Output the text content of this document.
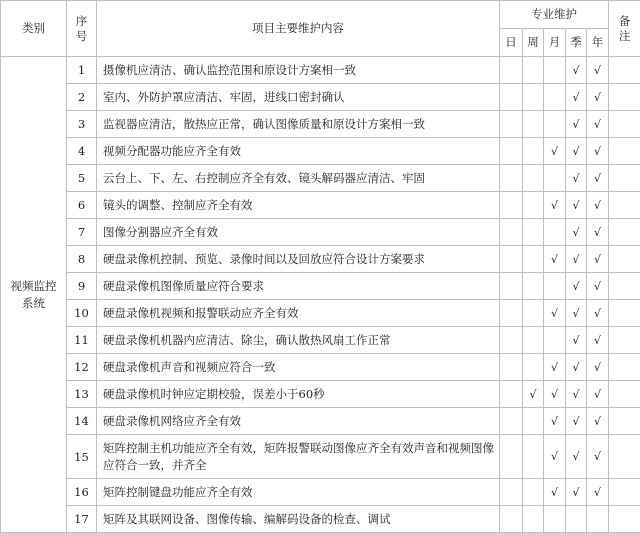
类别	序号	项目主要维护内容	专业维护					备注
			日	周	月	季	年	
视频监控系统	1	摄像机应清洁、确认监控范围和原设计方案相一致				√	√	
	2	室内、外防护罩应清洁、牢固，进线口密封确认				√	√	
	3	监视器应清洁，散热应正常，确认图像质量和原设计方案相一致				√	√	
	4	视频分配器功能应齐全有效			√	√	√	
	5	云台上、下、左、右控制应齐全有效、镜头解码器应清洁、牢固				√	√	
	6	镜头的调整、控制应齐全有效			√	√	√	
	7	图像分割器应齐全有效				√	√	
	8	硬盘录像机控制、预览、录像时间以及回放应符合设计方案要求			√	√	√	
	9	硬盘录像机图像质量应符合要求				√	√	
	10	硬盘录像机视频和报警联动应齐全有效			√	√	√	
	11	硬盘录像机机器内应清洁、除尘，确认散热风扇工作正常				√	√	
	12	硬盘录像机声音和视频应符合一致			√	√	√	
	13	硬盘录像机时钟应定期校验，误差小于60秒		√	√	√	√	
	14	硬盘录像机网络应齐全有效			√	√	√	
	15	矩阵控制主机功能应齐全有效，矩阵报警联动图像应齐全有效声音和视频图像应符合一致，并齐全			√	√	√	
	16	矩阵控制键盘功能应齐全有效			√	√	√	
	17	矩阵及其联网设备、图像传输、编解码设备的检查、调试						
